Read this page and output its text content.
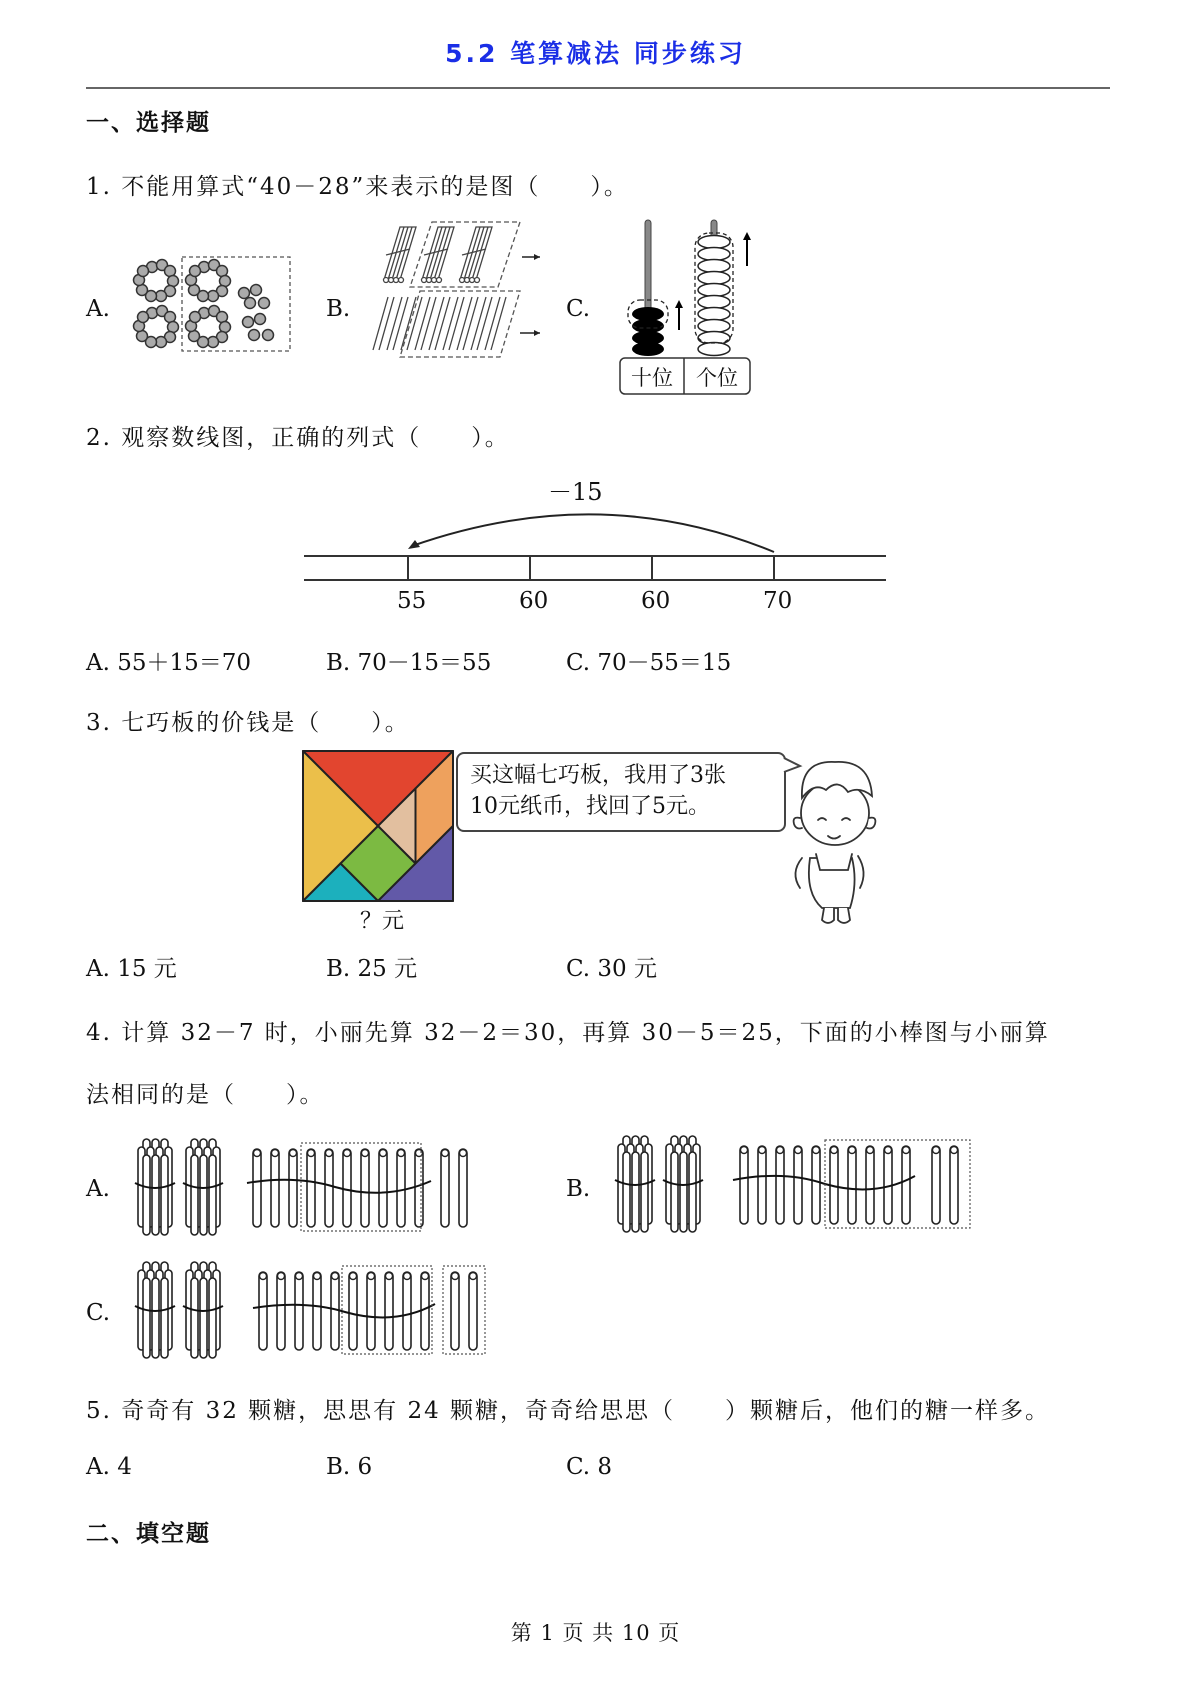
5.2 笔算减法 同步练习
一、选择题
1. 不能用算式“40－28”来表示的是图（　　）。
A.	B.	C.
十位	个位
2. 观察数线图，正确的列式（　　）。
－15
55	60	60	70
A. 55＋15＝70	B. 70－15＝55	C. 70－55＝15
3. 七巧板的价钱是（　　）。
？元
买这幅七巧板，我用了3张
10元纸币，找回了5元。
A. 15 元	B. 25 元	C. 30 元
4. 计算 32－7 时，小丽先算 32－2＝30，再算 30－5＝25，下面的小棒图与小丽算
法相同的是（　　）。
A.	B.
C.
5. 奇奇有 32 颗糖，思思有 24 颗糖，奇奇给思思（　　）颗糖后，他们的糖一样多。
A. 4	B. 6	C. 8
二、填空题
第 1 页 共 10 页
